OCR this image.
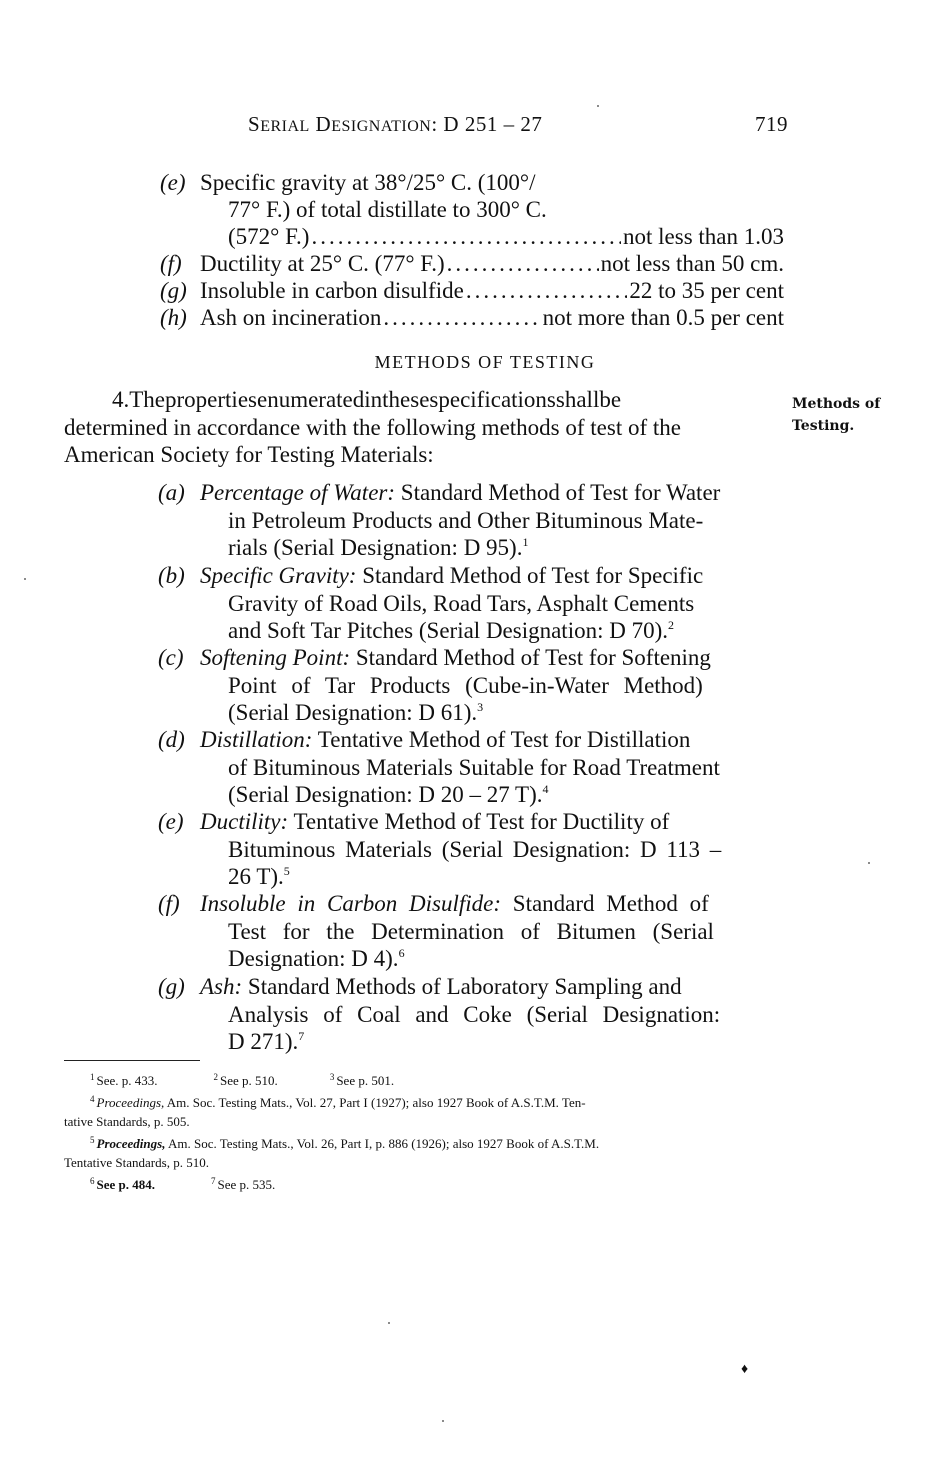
SERIAL DESIGNATION: D 251 – 27	719
(e) Specific gravity at 38°/25° C. (100°/
77° F.) of total distillate to 300° C.
(572° F.) .....	not less than 1.03
(f) Ductility at 25° C. (77° F.) .....	not less than 50 cm.
(g) Insoluble in carbon disulfide .....	22 to 35 per cent
(h) Ash on incineration .....	not more than 0.5 per cent
METHODS OF TESTING
4.Thepropertiesenumeratedinthesespecificationsshallbe
determined in accordance with the following methods of test of the
American Society for Testing Materials:
Methods of
Testing.
(a) Percentage of Water: Standard Method of Test for Water
in Petroleum Products and Other Bituminous Mate-
rials (Serial Designation: D 95).$^1$
(b) Specific Gravity: Standard Method of Test for Specific
Gravity of Road Oils, Road Tars, Asphalt Cements
and Soft Tar Pitches (Serial Designation: D 70).$^2$
(c) Softening Point: Standard Method of Test for Softening
Point of Tar Products (Cube-in-Water Method)
(Serial Designation: D 61).$^3$
(d) Distillation: Tentative Method of Test for Distillation
of Bituminous Materials Suitable for Road Treatment
(Serial Designation: D 20 – 27 T).$^4$
(e) Ductility: Tentative Method of Test for Ductility of
Bituminous Materials (Serial Designation: D 113 –
26 T).$^5$
(f) Insoluble in Carbon Disulfide: Standard Method of
Test for the Determination of Bitumen (Serial
Designation: D 4).$^6$
(g) Ash: Standard Methods of Laboratory Sampling and
Analysis of Coal and Coke (Serial Designation:
D 271).$^7$
$^1$ See. p. 433.	$^2$ See p. 510.	$^3$ See p. 501.
$^4$ Proceedings, Am. Soc. Testing Mats., Vol. 27, Part I (1927); also 1927 Book of A.S.T.M. Ten-
tative Standards, p. 505.
$^5$ Proceedings, Am. Soc. Testing Mats., Vol. 26, Part I, p. 886 (1926); also 1927 Book of A.S.T.M.
Tentative Standards, p. 510.
$^6$ See p. 484.	$^7$ See p. 535.
♦
